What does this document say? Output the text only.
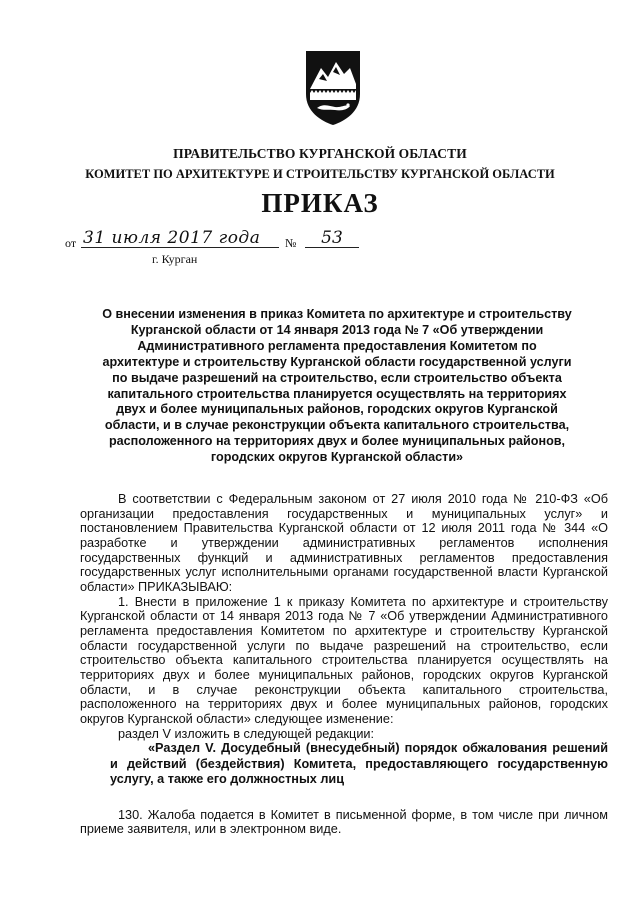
ПРАВИТЕЛЬСТВО КУРГАНСКОЙ ОБЛАСТИ
КОМИТЕТ ПО АРХИТЕКТУРЕ И СТРОИТЕЛЬСТВУ КУРГАНСКОЙ ОБЛАСТИ
ПРИКАЗ
от 31 июля 2017 года	№	53
г. Курган
О внесении изменения в приказ Комитета по архитектуре и строительству Курганской области от 14 января 2013 года № 7 «Об утверждении Административного регламента предоставления Комитетом по архитектуре и строительству Курганской области государственной услуги по выдаче разрешений на строительство, если строительство объекта капитального строительства планируется осуществлять на территориях двух и более муниципальных районов, городских округов Курганской области, и в случае реконструкции объекта капитального строительства, расположенного на территориях двух и более муниципальных районов, городских округов Курганской области»

В соответствии с Федеральным законом от 27 июля 2010 года № 210-ФЗ «Об организации предоставления государственных и муниципальных услуг» и постановлением Правительства Курганской области от 12 июля 2011 года № 344 «О разработке и утверждении административных регламентов исполнения государственных функций и административных регламентов предоставления государственных услуг исполнительными органами государственной власти Курганской области» ПРИКАЗЫВАЮ:

1. Внести в приложение 1 к приказу Комитета по архитектуре и строительству Курганской области от 14 января 2013 года № 7 «Об утверждении Административного регламента предоставления Комитетом по архитектуре и строительству Курганской области государственной услуги по выдаче разрешений на строительство, если строительство объекта капитального строительства планируется осуществлять на территориях двух и более муниципальных районов, городских округов Курганской области, и в случае реконструкции объекта капитального строительства, расположенного на территориях двух и более муниципальных районов, городских округов Курганской области» следующее изменение:

раздел V изложить в следующей редакции:

«Раздел V. Досудебный (внесудебный) порядок обжалования решений и действий (бездействия) Комитета, предоставляющего государственную услугу, а также его должностных лиц

130. Жалоба подается в Комитет в письменной форме, в том числе при личном приеме заявителя, или в электронном виде.
